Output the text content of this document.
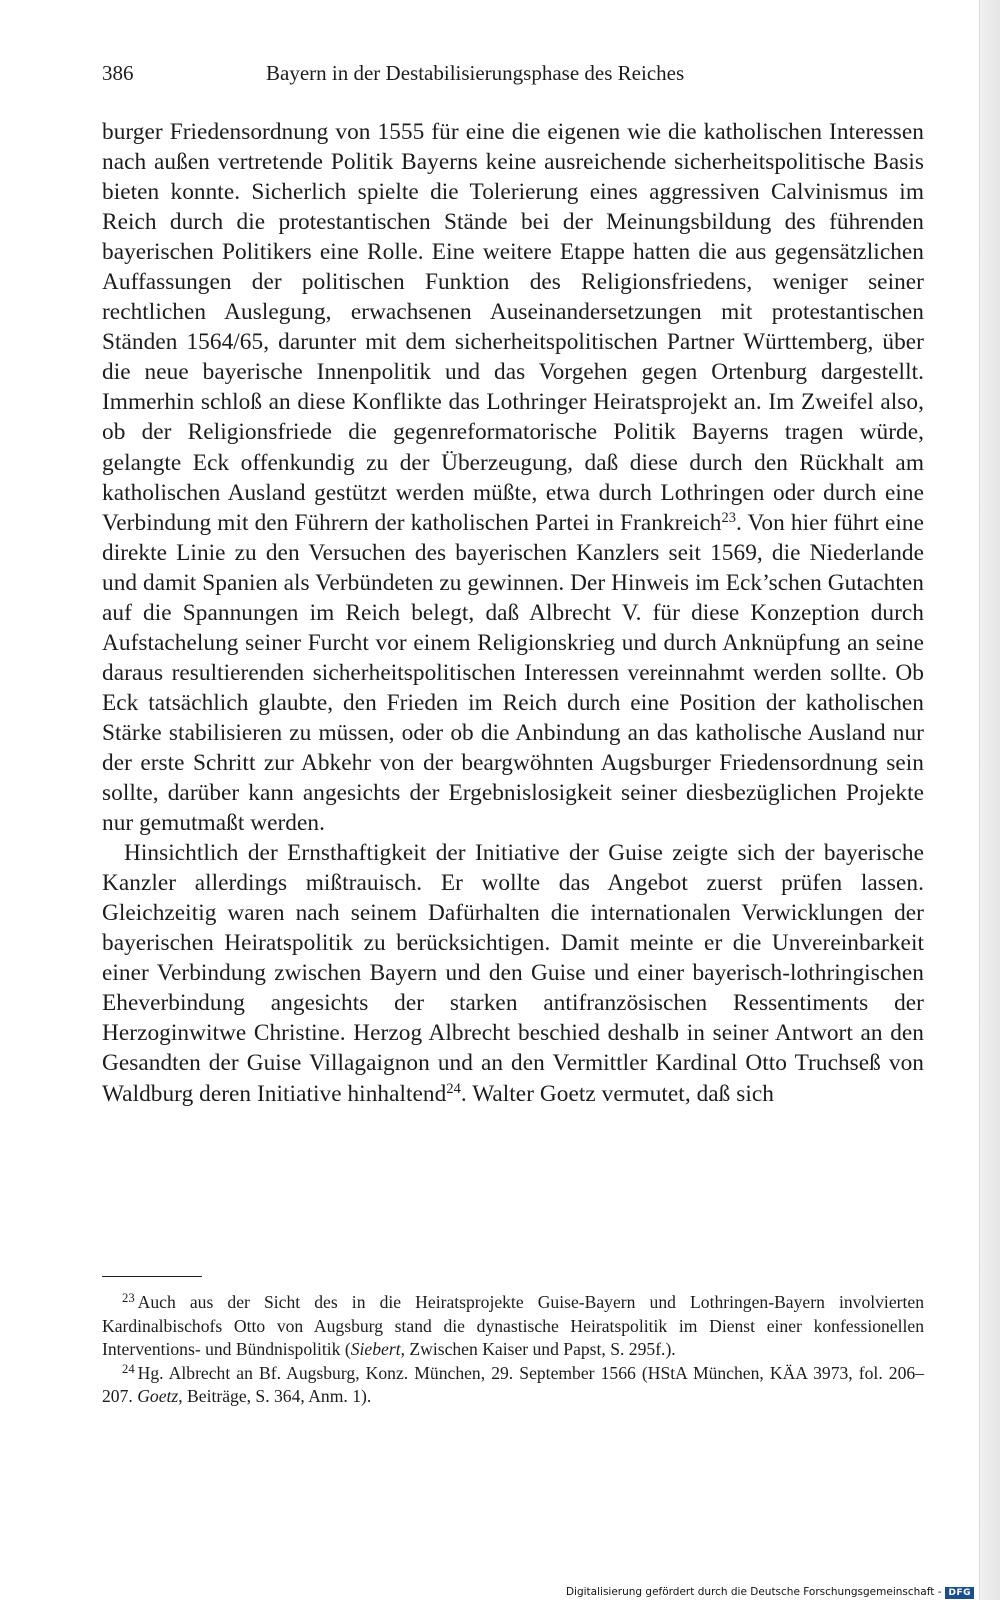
386	Bayern in der Destabilisierungsphase des Reiches

burger Friedensordnung von 1555 für eine die eigenen wie die katholischen Interessen nach außen vertretende Politik Bayerns keine ausreichende sicherheitspolitische Basis bieten konnte. Sicherlich spielte die Tolerierung eines aggressiven Calvinismus im Reich durch die protestantischen Stände bei der Meinungsbildung des führenden bayerischen Politikers eine Rolle. Eine weitere Etappe hatten die aus gegensätzlichen Auffassungen der politischen Funktion des Religionsfriedens, weniger seiner rechtlichen Auslegung, erwachsenen Auseinandersetzungen mit protestantischen Ständen 1564/65, darunter mit dem sicherheitspolitischen Partner Württemberg, über die neue bayerische Innenpolitik und das Vorgehen gegen Ortenburg dargestellt. Immerhin schloß an diese Konflikte das Lothringer Heiratsprojekt an. Im Zweifel also, ob der Religionsfriede die gegenreformatorische Politik Bayerns tragen würde, gelangte Eck offenkundig zu der Überzeugung, daß diese durch den Rückhalt am katholischen Ausland gestützt werden müßte, etwa durch Lothringen oder durch eine Verbindung mit den Führern der katholischen Partei in Frankreich$^{23}$. Von hier führt eine direkte Linie zu den Versuchen des bayerischen Kanzlers seit 1569, die Niederlande und damit Spanien als Verbündeten zu gewinnen. Der Hinweis im Eck’schen Gutachten auf die Spannungen im Reich belegt, daß Albrecht V. für diese Konzeption durch Aufstachelung seiner Furcht vor einem Religionskrieg und durch Anknüpfung an seine daraus resultierenden sicherheitspolitischen Interessen vereinnahmt werden sollte. Ob Eck tatsächlich glaubte, den Frieden im Reich durch eine Position der katholischen Stärke stabilisieren zu müssen, oder ob die Anbindung an das katholische Ausland nur der erste Schritt zur Abkehr von der beargwöhnten Augsburger Friedensordnung sein sollte, darüber kann angesichts der Ergebnislosigkeit seiner diesbezüglichen Projekte nur gemutmaßt werden.

Hinsichtlich der Ernsthaftigkeit der Initiative der Guise zeigte sich der bayerische Kanzler allerdings mißtrauisch. Er wollte das Angebot zuerst prüfen lassen. Gleichzeitig waren nach seinem Dafürhalten die internationalen Verwicklungen der bayerischen Heiratspolitik zu berücksichtigen. Damit meinte er die Unvereinbarkeit einer Verbindung zwischen Bayern und den Guise und einer bayerisch-lothringischen Eheverbindung angesichts der starken antifranzösischen Ressentiments der Herzoginwitwe Christine. Herzog Albrecht beschied deshalb in seiner Antwort an den Gesandten der Guise Villagaignon und an den Vermittler Kardinal Otto Truchseß von Waldburg deren Initiative hinhaltend$^{24}$. Walter Goetz vermutet, daß sich

$^{23}$ Auch aus der Sicht des in die Heiratsprojekte Guise-Bayern und Lothringen-Bayern involvierten Kardinalbischofs Otto von Augsburg stand die dynastische Heiratspolitik im Dienst einer konfessionellen Interventions- und Bündnispolitik (Siebert, Zwischen Kaiser und Papst, S. 295f.).

$^{24}$ Hg. Albrecht an Bf. Augsburg, Konz. München, 29. September 1566 (HStA München, KÄA 3973, fol. 206–207. Goetz, Beiträge, S. 364, Anm. 1).

Digitalisierung gefördert durch die Deutsche Forschungsgemeinschaft - DFG
